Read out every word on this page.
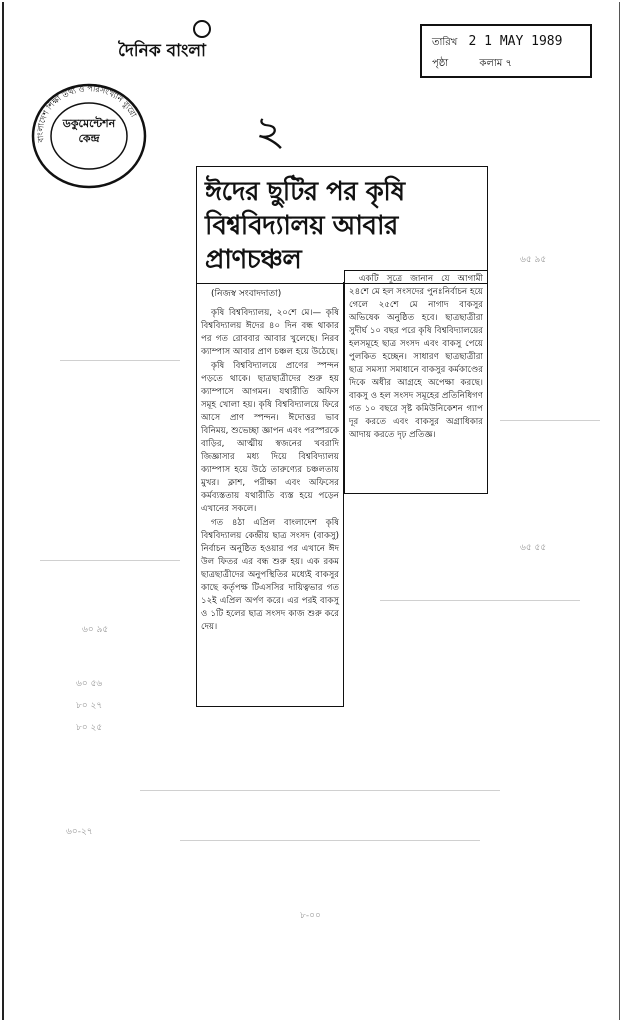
দৈনিক বাংলা	তারিখ 2 1 MAY 1989
পৃষ্ঠা	কলাম ৭
বাংলাদেশ শিক্ষা তথ্য ও পরিসংখ্যান ব্যুরো
ডকুমেন্টেশন
কেন্দ্র	২
ঈদের ছুটির পর কৃষি বিশ্ববিদ্যালয় আবার প্রাণচঞ্চল
(নিজস্ব সংবাদদাতা)

কৃষি বিশ্ববিদ্যালয়, ২০শে মে।— কৃষি বিশ্ববিদ্যালয় ঈদের ৪০ দিন বন্ধ থাকার পর গত রোববার আবার খুলেছে। নিরব ক্যাম্পাস আবার প্রাণ চঞ্চল হয়ে উঠেছে।

কৃষি বিশ্ববিদ্যালয়ে প্রাণের স্পন্দন পড়তে থাকে। ছাত্রছাত্রীদের শুরু হয় ক্যাম্পাসে আগমন। যথারীতি অফিস সমূহ খোলা হয়। কৃষি বিশ্ববিদ্যালয়ে ফিরে আসে প্রাণ স্পন্দন। ঈদোত্তর ভাব বিনিময়, শুভেচ্ছা জ্ঞাপন এবং পরস্পরকে বাড়ির, আত্মীয় স্বজনের খবরাদি জিজ্ঞাসার মধ্য দিয়ে বিশ্ববিদ্যালয় ক্যাম্পাস হয়ে উঠে তারুণ্যের চঞ্চলতায় মুখর। ক্লাশ, পরীক্ষা এবং অফিসের কর্মব্যস্ততায় যথারীতি ব্যস্ত হয়ে পড়েন এখানের সকলে।

গত ৪ঠা এপ্রিল বাংলাদেশ কৃষি বিশ্ববিদ্যালয় কেন্দ্রীয় ছাত্র সংসদ (বাকসু) নির্বাচন অনুষ্ঠিত হওয়ার পর এখানে ঈদ উল ফিতর এর বন্ধ শুরু হয়। এক রকম ছাত্রছাত্রীদের অনুপস্থিতির মধ্যেই বাকসুর কাছে কর্তৃপক্ষ টিএসসির দায়িত্বভার গত ১২ই এপ্রিল অর্পণ করে। এর পরই বাকসু ও ১টি হলের ছাত্র সংসদ কাজ শুরু করে দেয়।

একটি সূত্রে জানান যে আগামী ২৪শে মে হল সংসদের পুনঃনির্বাচন হয়ে গেলে ২৫শে মে নাগাদ বাকসুর অভিষেক অনুষ্ঠিত হবে। ছাত্রছাত্রীরা সুদীর্ঘ ১০ বছর পরে কৃষি বিশ্ববিদ্যালয়ের হলসমূহে ছাত্র সংসদ এবং বাকসু পেয়ে পুলকিত হচ্ছেন। সাধারণ ছাত্রছাত্রীরা ছাত্র সমস্যা সমাধানে বাকসুর কর্মকাণ্ডের দিকে অধীর আগ্রহে অপেক্ষা করছে। বাকসু ও হল সংসদ সমূহের প্রতিনিধিগণ গত ১০ বছরে সৃষ্ট কমিউনিকেশন গ্যাপ দূর করতে এবং বাকসুর অগ্রাধিকার আদায় করতে দৃঢ় প্রতিজ্ঞ।

৬০ ৫৬
৮০ ২৭
৮০ ২৫
৬০ ৯৫
৬০-২৭
৬৫ ৯৫
৬৫ ৫৫
৮-০০
